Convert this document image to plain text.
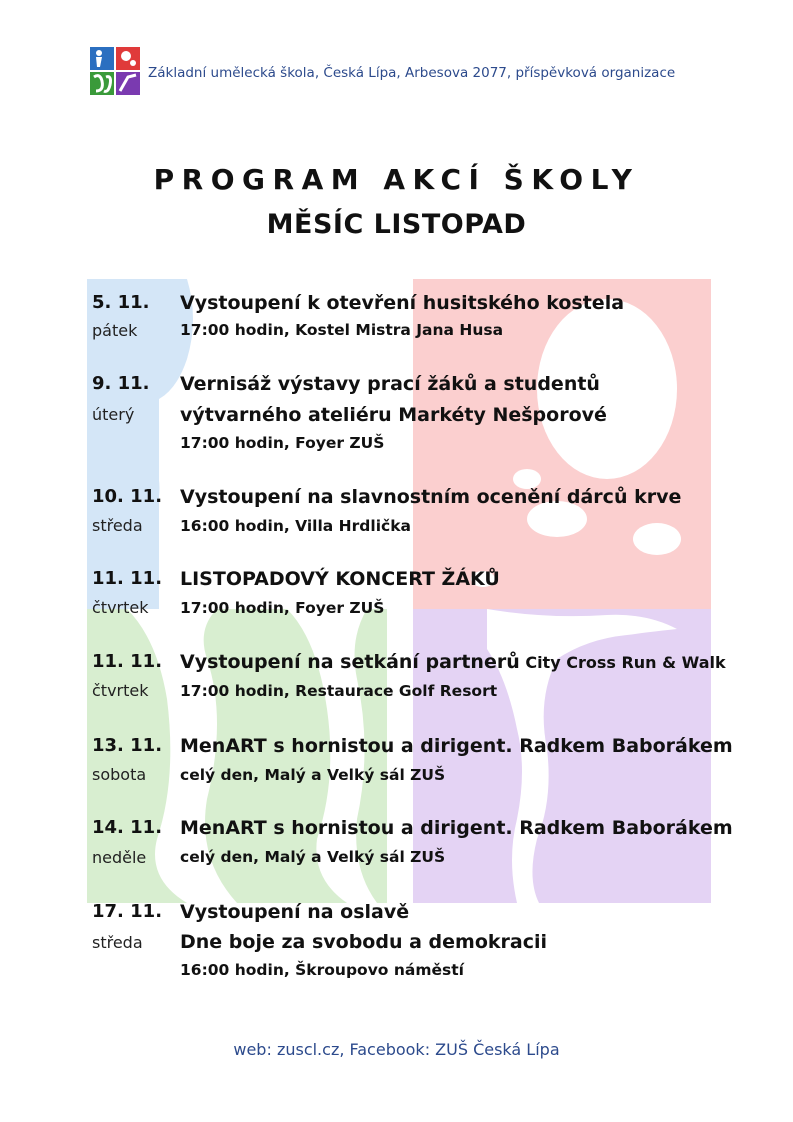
Základní umělecká škola, Česká Lípa, Arbesova 2077, příspěvková organizace
PROGRAM AKCÍ ŠKOLY
MĚSÍC LISTOPAD
5. 11.
pátek
Vystoupení k otevření husitského kostela
17:00 hodin, Kostel Mistra Jana Husa
9. 11.
úterý
Vernisáž výstavy prací žáků a studentů
výtvarného ateliéru Markéty Nešporové
17:00 hodin, Foyer ZUŠ
10. 11.
středa
Vystoupení na slavnostním ocenění dárců krve
16:00 hodin, Villa Hrdlička
11. 11.
čtvrtek
LISTOPADOVÝ KONCERT ŽÁKŮ
17:00 hodin, Foyer ZUŠ
11. 11.
čtvrtek
Vystoupení na setkání partnerů City Cross Run & Walk
17:00 hodin, Restaurace Golf Resort
13. 11.
sobota
MenART s hornistou a dirigent. Radkem Baborákem
celý den, Malý a Velký sál ZUŠ
14. 11.
neděle
MenART s hornistou a dirigent. Radkem Baborákem
celý den, Malý a Velký sál ZUŠ
17. 11.
středa
Vystoupení na oslavě
Dne boje za svobodu a demokracii
16:00 hodin, Škroupovo náměstí
web: zuscl.cz, Facebook: ZUŠ Česká Lípa
